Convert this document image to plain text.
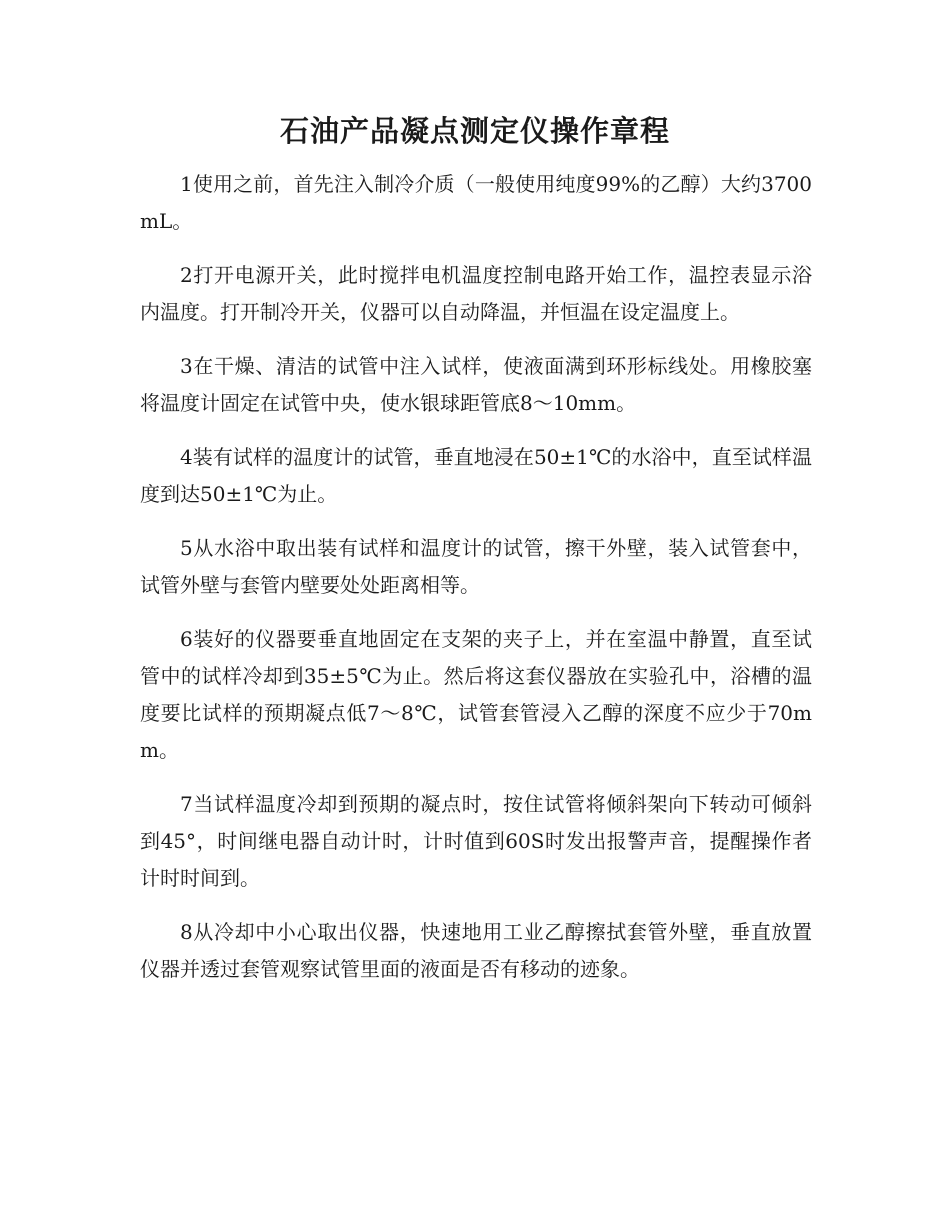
石油产品凝点测定仪操作章程

1使用之前，首先注入制冷介质（一般使用纯度99%的乙醇）大约3700mL。

2打开电源开关，此时搅拌电机温度控制电路开始工作，温控表显示浴内温度。打开制冷开关，仪器可以自动降温，并恒温在设定温度上。

3在干燥、清洁的试管中注入试样，使液面满到环形标线处。用橡胶塞将温度计固定在试管中央，使水银球距管底8～10mm。

4装有试样的温度计的试管，垂直地浸在50±1℃的水浴中，直至试样温度到达50±1℃为止。

5从水浴中取出装有试样和温度计的试管，擦干外壁，装入试管套中，试管外壁与套管内壁要处处距离相等。

6装好的仪器要垂直地固定在支架的夹子上，并在室温中静置，直至试管中的试样冷却到35±5℃为止。然后将这套仪器放在实验孔中，浴槽的温度要比试样的预期凝点低7～8℃，试管套管浸入乙醇的深度不应少于70mm。

7当试样温度冷却到预期的凝点时，按住试管将倾斜架向下转动可倾斜到45°，时间继电器自动计时，计时值到60S时发出报警声音，提醒操作者计时时间到。

8从冷却中小心取出仪器，快速地用工业乙醇擦拭套管外壁，垂直放置仪器并透过套管观察试管里面的液面是否有移动的迹象。
